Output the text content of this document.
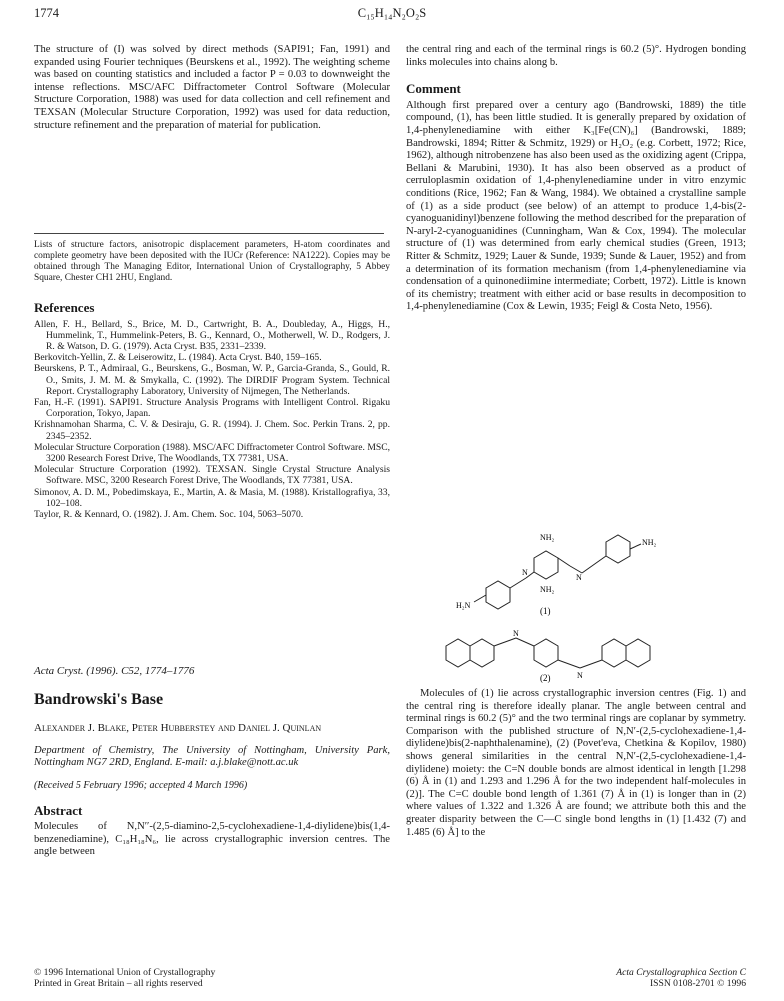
1774	C₁₅H₁₄N₂O₂S

The structure of (I) was solved by direct methods (SAPI91; Fan, 1991) and expanded using Fourier techniques (Beurskens et al., 1992). The weighting scheme was based on counting statistics and included a factor P = 0.03 to downweight the intense reflections. MSC/AFC Diffractometer Control Software (Molecular Structure Corporation, 1988) was used for data collection and cell refinement and TEXSAN (Molecular Structure Corporation, 1992) was used for data reduction, structure refinement and the preparation of material for publication.

Lists of structure factors, anisotropic displacement parameters, H-atom coordinates and complete geometry have been deposited with the IUCr (Reference: NA1222). Copies may be obtained through The Managing Editor, International Union of Crystallography, 5 Abbey Square, Chester CH1 2HU, England.
References

Allen, F. H., Bellard, S., Brice, M. D., Cartwright, B. A., Doubleday, A., Higgs, H., Hummelink, T., Hummelink-Peters, B. G., Kennard, O., Motherwell, W. D., Rodgers, J. R. & Watson, D. G. (1979). Acta Cryst. B35, 2331–2339.

Berkovitch-Yellin, Z. & Leiserowitz, L. (1984). Acta Cryst. B40, 159–165.

Beurskens, P. T., Admiraal, G., Beurskens, G., Bosman, W. P., Garcia-Granda, S., Gould, R. O., Smits, J. M. M. & Smykalla, C. (1992). The DIRDIF Program System. Technical Report. Crystallography Laboratory, University of Nijmegen, The Netherlands.

Fan, H.-F. (1991). SAPI91. Structure Analysis Programs with Intelligent Control. Rigaku Corporation, Tokyo, Japan.

Krishnamohan Sharma, C. V. & Desiraju, G. R. (1994). J. Chem. Soc. Perkin Trans. 2, pp. 2345–2352.

Molecular Structure Corporation (1988). MSC/AFC Diffractometer Control Software. MSC, 3200 Research Forest Drive, The Woodlands, TX 77381, USA.

Molecular Structure Corporation (1992). TEXSAN. Single Crystal Structure Analysis Software. MSC, 3200 Research Forest Drive, The Woodlands, TX 77381, USA.

Simonov, A. D. M., Pobedimskaya, E., Martin, A. & Masia, M. (1988). Kristallografiya, 33, 102–108.

Taylor, R. & Kennard, O. (1982). J. Am. Chem. Soc. 104, 5063–5070.

Acta Cryst. (1996). C52, 1774–1776

Bandrowski's Base

Alexander J. Blake, Peter Hubberstey and Daniel J. Quinlan

Department of Chemistry, The University of Nottingham, University Park, Nottingham NG7 2RD, England. E-mail: a.j.blake@nott.ac.uk

(Received 5 February 1996; accepted 4 March 1996)

Abstract

Molecules of N,N′′-(2,5-diamino-2,5-cyclohexadiene-1,4-diylidene)bis(1,4-benzenediamine), C₁₈H₁₈N₆, lie across crystallographic inversion centres. The angle between

the central ring and each of the terminal rings is 60.2 (5)°. Hydrogen bonding links molecules into chains along b.

Comment

Although first prepared over a century ago (Bandrowski, 1889) the title compound, (1), has been little studied. It is generally prepared by oxidation of 1,4-phenylenediamine with either K₃[Fe(CN)₆] (Bandrowski, 1889; Bandrowski, 1894; Ritter & Schmitz, 1929) or H₂O₂ (e.g. Corbett, 1972; Rice, 1962), although nitrobenzene has also been used as the oxidizing agent (Crippa, Bellani & Marubini, 1930). It has also been observed as a product of cerruloplasmin oxidation of 1,4-phenylenediamine under in vitro enzymic conditions (Rice, 1962; Fan & Wang, 1984). We obtained a crystalline sample of (1) as a side product (see below) of an attempt to produce 1,4-bis(2-cyanoguanidinyl)benzene following the method described for the preparation of N-aryl-2-cyanoguanidines (Cunningham, Wan & Cox, 1994). The molecular structure of (1) was determined from early chemical studies (Green, 1913; Ritter & Schmitz, 1929; Lauer & Sunde, 1939; Sunde & Lauer, 1952) and from a determination of its formation mechanism (from 1,4-phenylenediamine via condensation of a quinonediimine intermediate; Corbett, 1972). Little is known of its chemistry; treatment with either acid or base results in decomposition to 1,4-phenylenediamine (Cox & Lewin, 1935; Feigl & Costa Neto, 1956).

NH₂
NH₂
H₂N
NH₂
N
N
N
N
(1)
(2)
Molecules of (1) lie across crystallographic inversion centres (Fig. 1) and the central ring is therefore ideally planar. The angle between central and terminal rings is 60.2 (5)° and the two terminal rings are coplanar by symmetry. Comparison with the published structure of N,N′-(2,5-cyclohexadiene-1,4-diylidene)bis(2-naphthalenamine), (2) (Povet'eva, Chetkina & Kopilov, 1980) shows general similarities in the central N,N′-(2,5-cyclohexadiene-1,4-diylidene) moiety: the C=N double bonds are almost identical in length [1.298 (6) Å in (1) and 1.293 and 1.296 Å for the two independent half-molecules in (2)]. The C=C double bond length of 1.361 (7) Å in (1) is longer than in (2) where values of 1.322 and 1.326 Å are found; we attribute both this and the greater disparity between the C—C single bond lengths in (1) [1.432 (7) and 1.485 (6) Å] to the

© 1996 International Union of Crystallography

Printed in Great Britain – all rights reserved

Acta Crystallographica Section C

ISSN 0108-2701 © 1996
